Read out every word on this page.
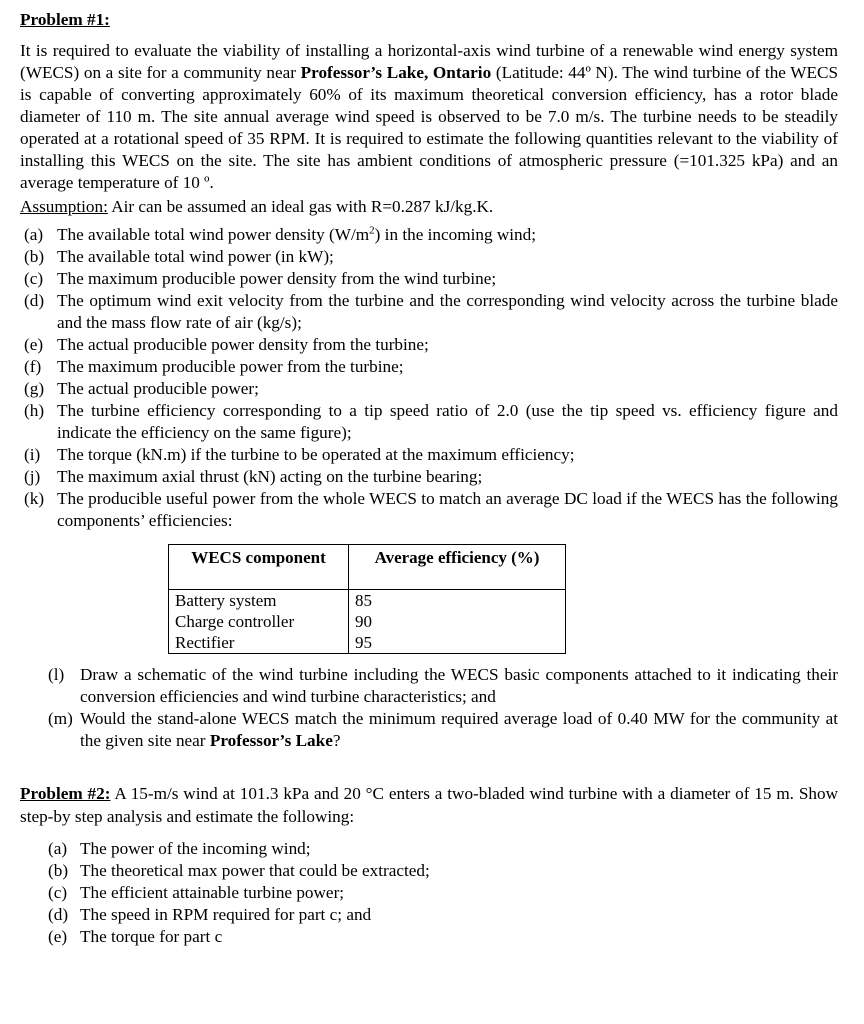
Problem #1:

It is required to evaluate the viability of installing a horizontal-axis wind turbine of a renewable wind energy system (WECS) on a site for a community near Professor’s Lake, Ontario (Latitude: 44º N). The wind turbine of the WECS is capable of converting approximately 60% of its maximum theoretical conversion efficiency, has a rotor blade diameter of 110 m. The site annual average wind speed is observed to be 7.0 m/s. The turbine needs to be steadily operated at a rotational speed of 35 RPM. It is required to estimate the following quantities relevant to the viability of installing this WECS on the site. The site has ambient conditions of atmospheric pressure (=101.325 kPa) and an average temperature of 10 º.

Assumption: Air can be assumed an ideal gas with R=0.287 kJ/kg.K.

(a) The available total wind power density $(W/m^2)$ in the incoming wind;
(b) The available total wind power (in kW);
(c) The maximum producible power density from the wind turbine;
(d) The optimum wind exit velocity from the turbine and the corresponding wind velocity across the turbine blade and the mass flow rate of air (kg/s);
(e) The actual producible power density from the turbine;
(f) The maximum producible power from the turbine;
(g) The actual producible power;
(h) The turbine efficiency corresponding to a tip speed ratio of 2.0 (use the tip speed vs. efficiency figure and indicate the efficiency on the same figure);
(i) The torque (kN.m) if the turbine to be operated at the maximum efficiency;
(j) The maximum axial thrust (kN) acting on the turbine bearing;
(k) The producible useful power from the whole WECS to match an average DC load if the WECS has the following components’ efficiencies:
WECS component	Average efficiency (%)
Battery system	85
Charge controller	90
Rectifier	95
(l) Draw a schematic of the wind turbine including the WECS basic components attached to it indicating their conversion efficiencies and wind turbine characteristics; and
(m) Would the stand-alone WECS match the minimum required average load of 0.40 MW for the community at the given site near Professor’s Lake?

Problem #2: A 15-m/s wind at 101.3 kPa and 20 °C enters a two-bladed wind turbine with a diameter of 15 m. Show step-by step analysis and estimate the following:

(a) The power of the incoming wind;
(b) The theoretical max power that could be extracted;
(c) The efficient attainable turbine power;
(d) The speed in RPM required for part c; and
(e) The torque for part c
